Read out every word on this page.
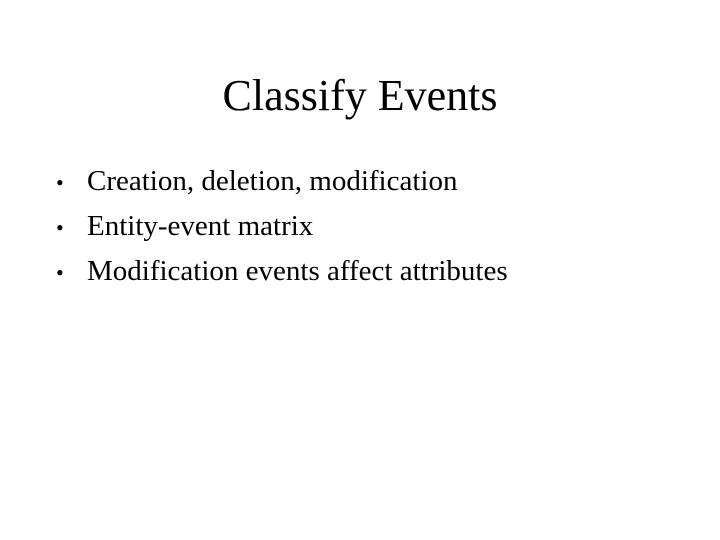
Classify Events
• Creation, deletion, modification
• Entity-event matrix
• Modification events affect attributes
